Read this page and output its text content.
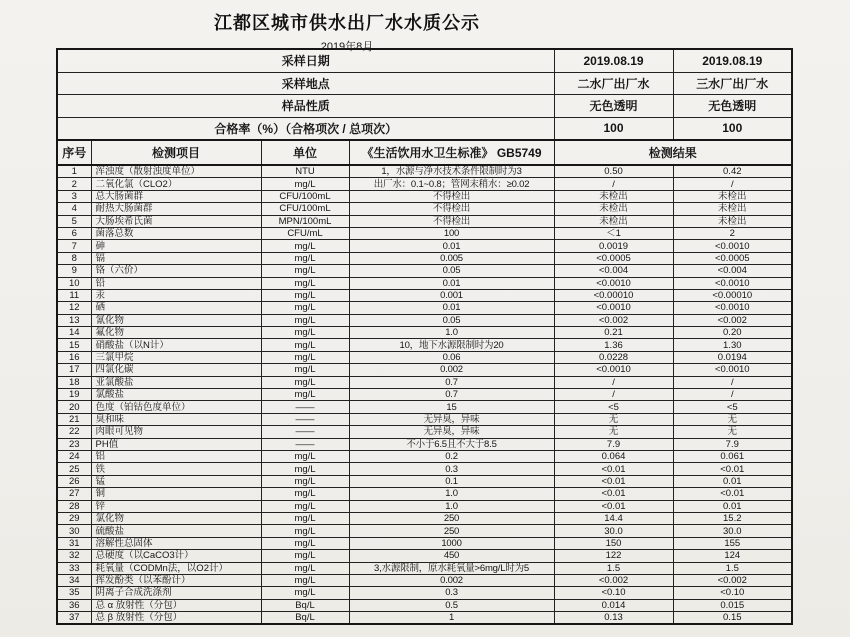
江都区城市供水出厂水水质公示
2019年8月
采样日期				2019.08.19	2019.08.19
采样地点				二水厂出厂水	三水厂出厂水
样品性质				无色透明	无色透明
合格率（%）（合格项次 / 总项次）				100	100
序号	检测项目	单位	《生活饮用水卫生标准》 GB5749	检测结果	
1	浑浊度（散射浊度单位）	NTU	1，水源与净水技术条件限制时为3	0.50	0.42
2	二氧化氯（CLO2）	mg/L	出厂水：0.1~0.8；管网末稍水：≥0.02	/	/
3	总大肠菌群	CFU/100mL	不得检出	未检出	未检出
4	耐热大肠菌群	CFU/100mL	不得检出	未检出	未检出
5	大肠埃希氏菌	MPN/100mL	不得检出	未检出	未检出
6	菌落总数	CFU/mL	100	＜1	2
7	砷	mg/L	0.01	0.0019	<0.0010
8	镉	mg/L	0.005	<0.0005	<0.0005
9	铬（六价）	mg/L	0.05	<0.004	<0.004
10	铅	mg/L	0.01	<0.0010	<0.0010
11	汞	mg/L	0.001	<0.00010	<0.00010
12	硒	mg/L	0.01	<0.0010	<0.0010
13	氰化物	mg/L	0.05	<0.002	<0.002
14	氟化物	mg/L	1.0	0.21	0.20
15	硝酸盐（以N计）	mg/L	10，地下水源限制时为20	1.36	1.30
16	三氯甲烷	mg/L	0.06	0.0228	0.0194
17	四氯化碳	mg/L	0.002	<0.0010	<0.0010
18	亚氯酸盐	mg/L	0.7	/	/
19	氯酸盐	mg/L	0.7	/	/
20	色度（铂钴色度单位）	——	15	<5	<5
21	臭和味	——	无异臭，异味	无	无
22	肉眼可见物	——	无异臭，异味	无	无
23	PH值	——	不小于6.5且不大于8.5	7.9	7.9
24	铝	mg/L	0.2	0.064	0.061
25	铁	mg/L	0.3	<0.01	<0.01
26	锰	mg/L	0.1	<0.01	0.01
27	铜	mg/L	1.0	<0.01	<0.01
28	锌	mg/L	1.0	<0.01	0.01
29	氯化物	mg/L	250	14.4	15.2
30	硫酸盐	mg/L	250	30.0	30.0
31	溶解性总固体	mg/L	1000	150	155
32	总硬度（以CaCO3计）	mg/L	450	122	124
33	耗氧量（CODMn法，以O2计）	mg/L	3,水源限制，原水耗氧量>6mg/L时为5	1.5	1.5
34	挥发酚类（以苯酚计）	mg/L	0.002	<0.002	<0.002
35	阴离子合成洗涤剂	mg/L	0.3	<0.10	<0.10
36	总 α 放射性（分包）	Bq/L	0.5	0.014	0.015
37	总 β 放射性（分包）	Bq/L	1	0.13	0.15
